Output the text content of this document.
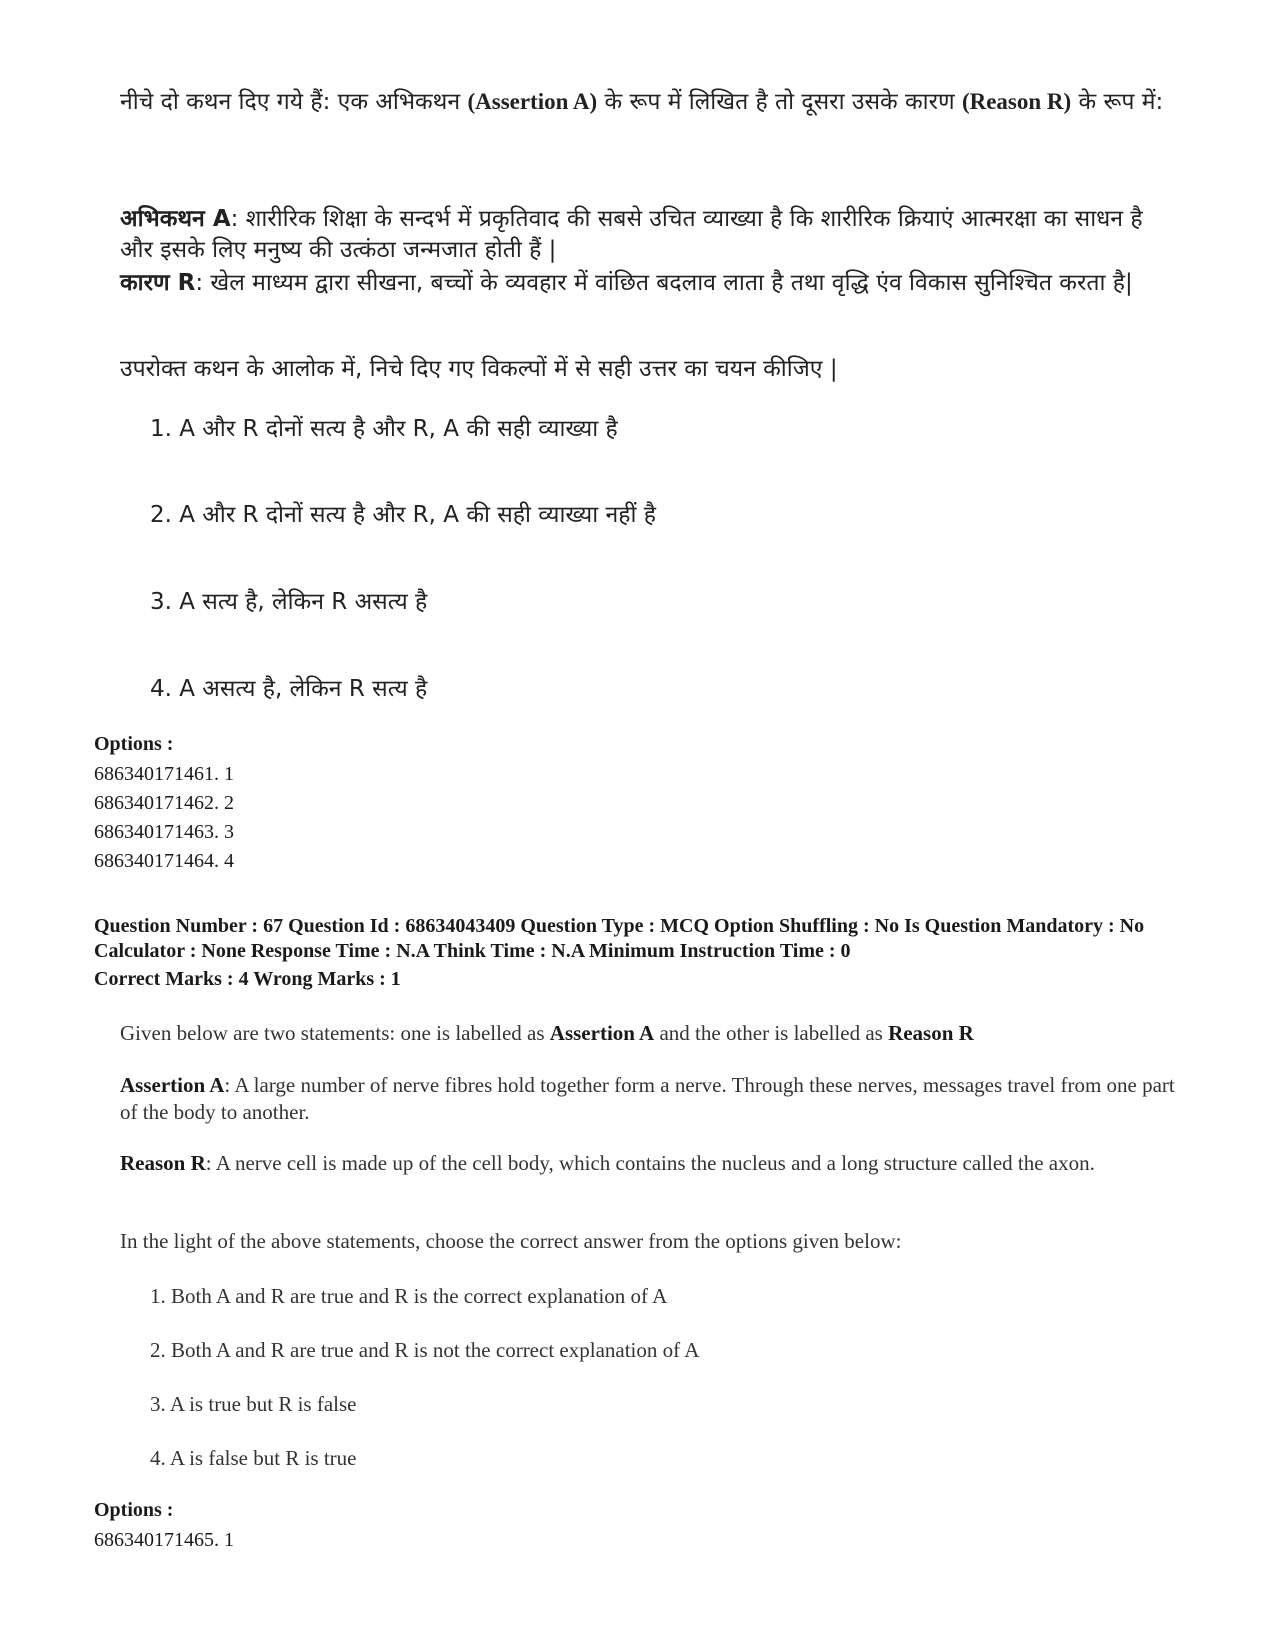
नीचे दो कथन दिए गये हैं: एक अभिकथन (Assertion A) के रूप में लिखित है तो दूसरा उसके कारण (Reason R) के रूप में:
अभिकथन A: शारीरिक शिक्षा के सन्दर्भ में प्रकृतिवाद की सबसे उचित व्याख्या है कि शारीरिक क्रियाएं आत्मरक्षा का साधन है और इसके लिए मनुष्य की उत्कंठा जन्मजात होती हैं |
कारण R: खेल माध्यम द्वारा सीखना, बच्चों के व्यवहार में वांछित बदलाव लाता है तथा वृद्धि एंव विकास सुनिश्चित करता है|
उपरोक्त कथन के आलोक में, निचे दिए गए विकल्पों में से सही उत्तर का चयन कीजिए |
1. A और R दोनों सत्य है और R, A की सही व्याख्या है
2. A और R दोनों सत्य है और R, A की सही व्याख्या नहीं है
3. A सत्य है, लेकिन R असत्य है
4. A असत्य है, लेकिन R सत्य है
Options :
686340171461. 1
686340171462. 2
686340171463. 3
686340171464. 4
Question Number : 67 Question Id : 68634043409 Question Type : MCQ Option Shuffling : No Is Question Mandatory : No Calculator : None Response Time : N.A Think Time : N.A Minimum Instruction Time : 0
Correct Marks : 4 Wrong Marks : 1
Given below are two statements: one is labelled as Assertion A and the other is labelled as Reason R
Assertion A: A large number of nerve fibres hold together form a nerve. Through these nerves, messages travel from one part of the body to another.
Reason R: A nerve cell is made up of the cell body, which contains the nucleus and a long structure called the axon.
In the light of the above statements, choose the correct answer from the options given below:
1. Both A and R are true and R is the correct explanation of A
2. Both A and R are true and R is not the correct explanation of A
3. A is true but R is false
4. A is false but R is true
Options :
686340171465. 1
